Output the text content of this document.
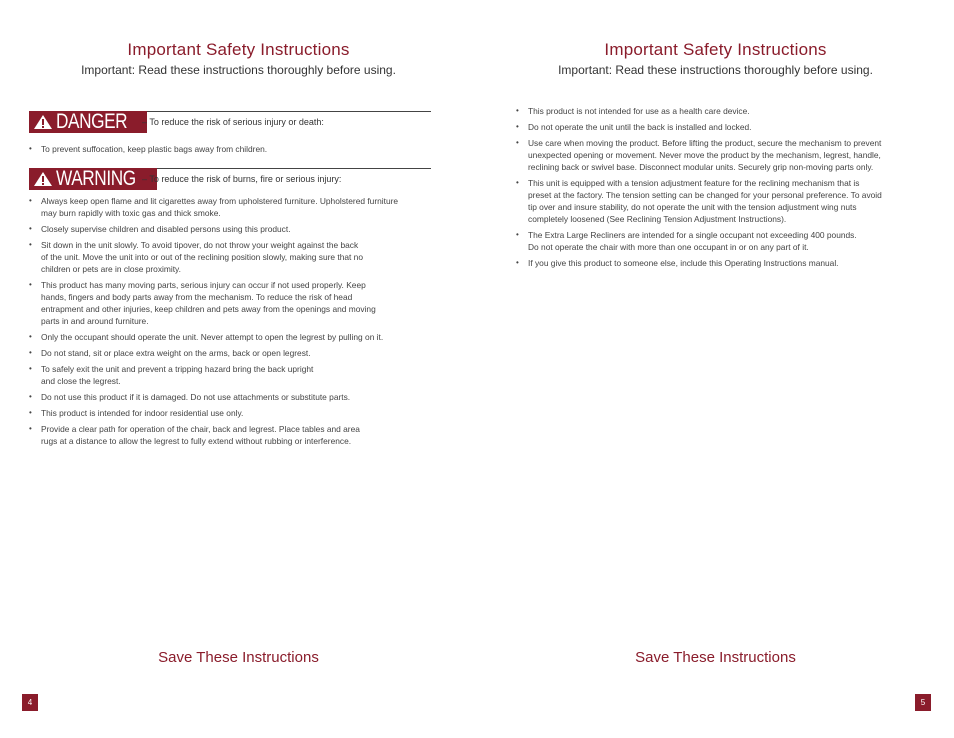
Important Safety Instructions

Important: Read these instructions thoroughly before using.

DANGER – To reduce the risk of serious injury or death:
• To prevent suffocation, keep plastic bags away from children.
WARNING – To reduce the risk of burns, fire or serious injury:
• Always keep open flame and lit cigarettes away from upholstered furniture. Upholstered furniture
may burn rapidly with toxic gas and thick smoke.
• Closely supervise children and disabled persons using this product.
• Sit down in the unit slowly. To avoid tipover, do not throw your weight against the back
of the unit. Move the unit into or out of the reclining position slowly, making sure that no
children or pets are in close proximity.
• This product has many moving parts, serious injury can occur if not used properly. Keep
hands, fingers and body parts away from the mechanism. To reduce the risk of head
entrapment and other injuries, keep children and pets away from the openings and moving
parts in and around furniture.
• Only the occupant should operate the unit. Never attempt to open the legrest by pulling on it.
• Do not stand, sit or place extra weight on the arms, back or open legrest.
• To safely exit the unit and prevent a tripping hazard bring the back upright
and close the legrest.
• Do not use this product if it is damaged. Do not use attachments or substitute parts.
• This product is intended for indoor residential use only.
• Provide a clear path for operation of the chair, back and legrest. Place tables and area
rugs at a distance to allow the legrest to fully extend without rubbing or interference.

Save These Instructions

4
Important Safety Instructions

Important: Read these instructions thoroughly before using.

• This product is not intended for use as a health care device.
• Do not operate the unit until the back is installed and locked.
• Use care when moving the product. Before lifting the product, secure the mechanism to prevent
unexpected opening or movement. Never move the product by the mechanism, legrest, handle,
reclining back or swivel base. Disconnect modular units. Securely grip non-moving parts only.
• This unit is equipped with a tension adjustment feature for the reclining mechanism that is
preset at the factory. The tension setting can be changed for your personal preference. To avoid
tip over and insure stability, do not operate the unit with the tension adjustment wing nuts
completely loosened (See Reclining Tension Adjustment Instructions).
• The Extra Large Recliners are intended for a single occupant not exceeding 400 pounds.
Do not operate the chair with more than one occupant in or on any part of it.
• If you give this product to someone else, include this Operating Instructions manual.

Save These Instructions

5
